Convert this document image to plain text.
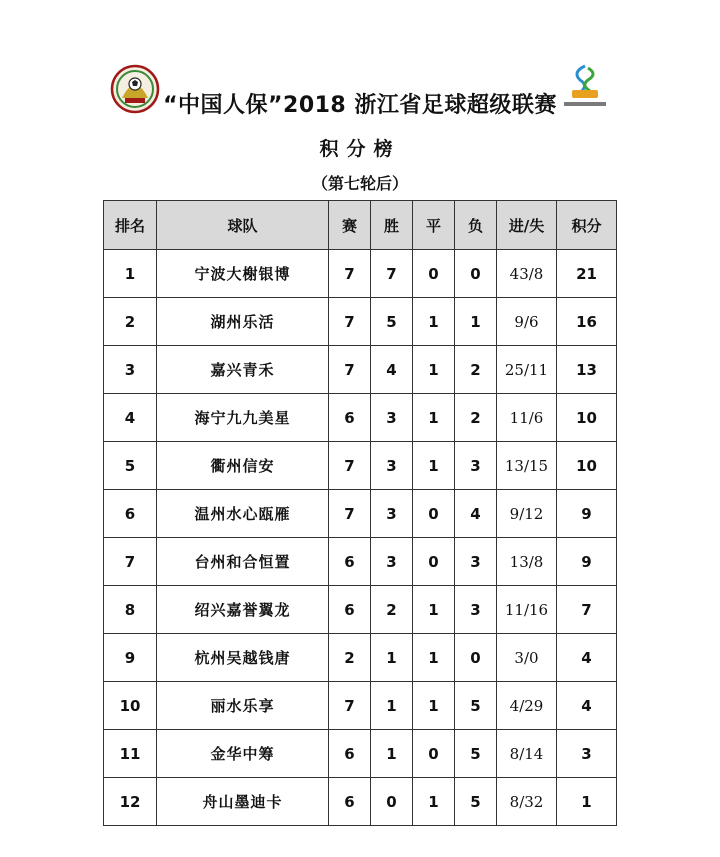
“中国人保”2018 浙江省足球超级联赛
积分榜
（第七轮后）
排名	球队	赛	胜	平	负	进/失	积分
1	宁波大榭银博	7	7	0	0	43/8	21
2	湖州乐活	7	5	1	1	9/6	16
3	嘉兴青禾	7	4	1	2	25/11	13
4	海宁九九美星	6	3	1	2	11/6	10
5	衢州信安	7	3	1	3	13/15	10
6	温州水心瓯雁	7	3	0	4	9/12	9
7	台州和合恒置	6	3	0	3	13/8	9
8	绍兴嘉誉翼龙	6	2	1	3	11/16	7
9	杭州吴越钱唐	2	1	1	0	3/0	4
10	丽水乐享	7	1	1	5	4/29	4
11	金华中筹	6	1	0	5	8/14	3
12	舟山墨迪卡	6	0	1	5	8/32	1
